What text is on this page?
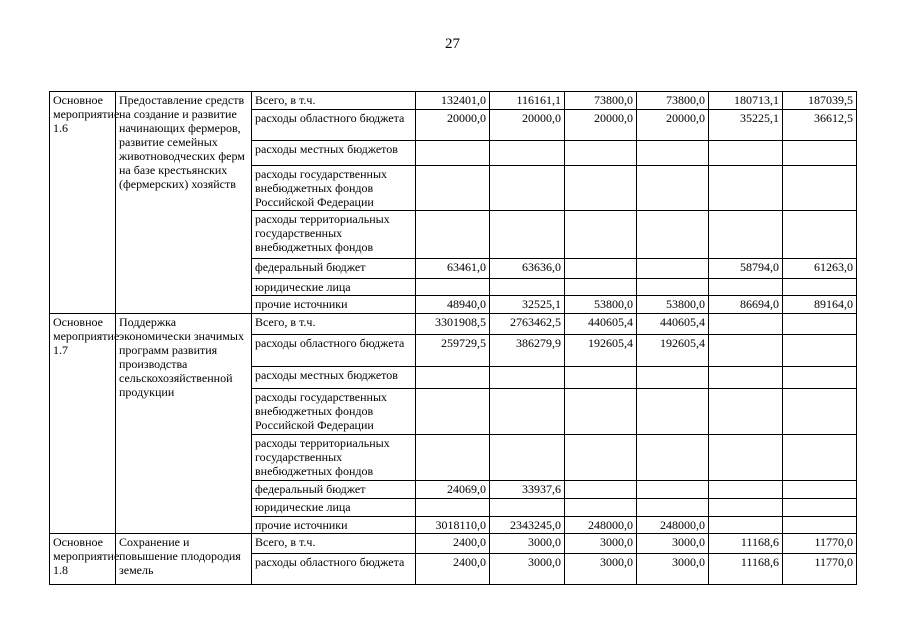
27
Основное мероприятие 1.6	Предоставление средств на создание и развитие начинающих фермеров, развитие семейных животноводческих ферм на базе крестьянских (фермерских) хозяйств	Всего, в т.ч.	132401,0	116161,1	73800,0	73800,0	180713,1	187039,5
		расходы областного бюджета	20000,0	20000,0	20000,0	20000,0	35225,1	36612,5
		расходы местных бюджетов						
		расходы государственных внебюджетных фондов Российской Федерации						
		расходы территориальных государственных внебюджетных фондов						
		федеральный бюджет	63461,0	63636,0			58794,0	61263,0
		юридические лица						
		прочие источники	48940,0	32525,1	53800,0	53800,0	86694,0	89164,0
Основное мероприятие 1.7	Поддержка экономически значимых программ развития производства сельскохозяйственной продукции	Всего, в т.ч.	3301908,5	2763462,5	440605,4	440605,4		
		расходы областного бюджета	259729,5	386279,9	192605,4	192605,4		
		расходы местных бюджетов						
		расходы государственных внебюджетных фондов Российской Федерации						
		расходы территориальных государственных внебюджетных фондов						
		федеральный бюджет	24069,0	33937,6				
		юридические лица						
		прочие источники	3018110,0	2343245,0	248000,0	248000,0		
Основное мероприятие 1.8	Сохранение и повышение плодородия земель	Всего, в т.ч.	2400,0	3000,0	3000,0	3000,0	11168,6	11770,0
		расходы областного бюджета	2400,0	3000,0	3000,0	3000,0	11168,6	11770,0
